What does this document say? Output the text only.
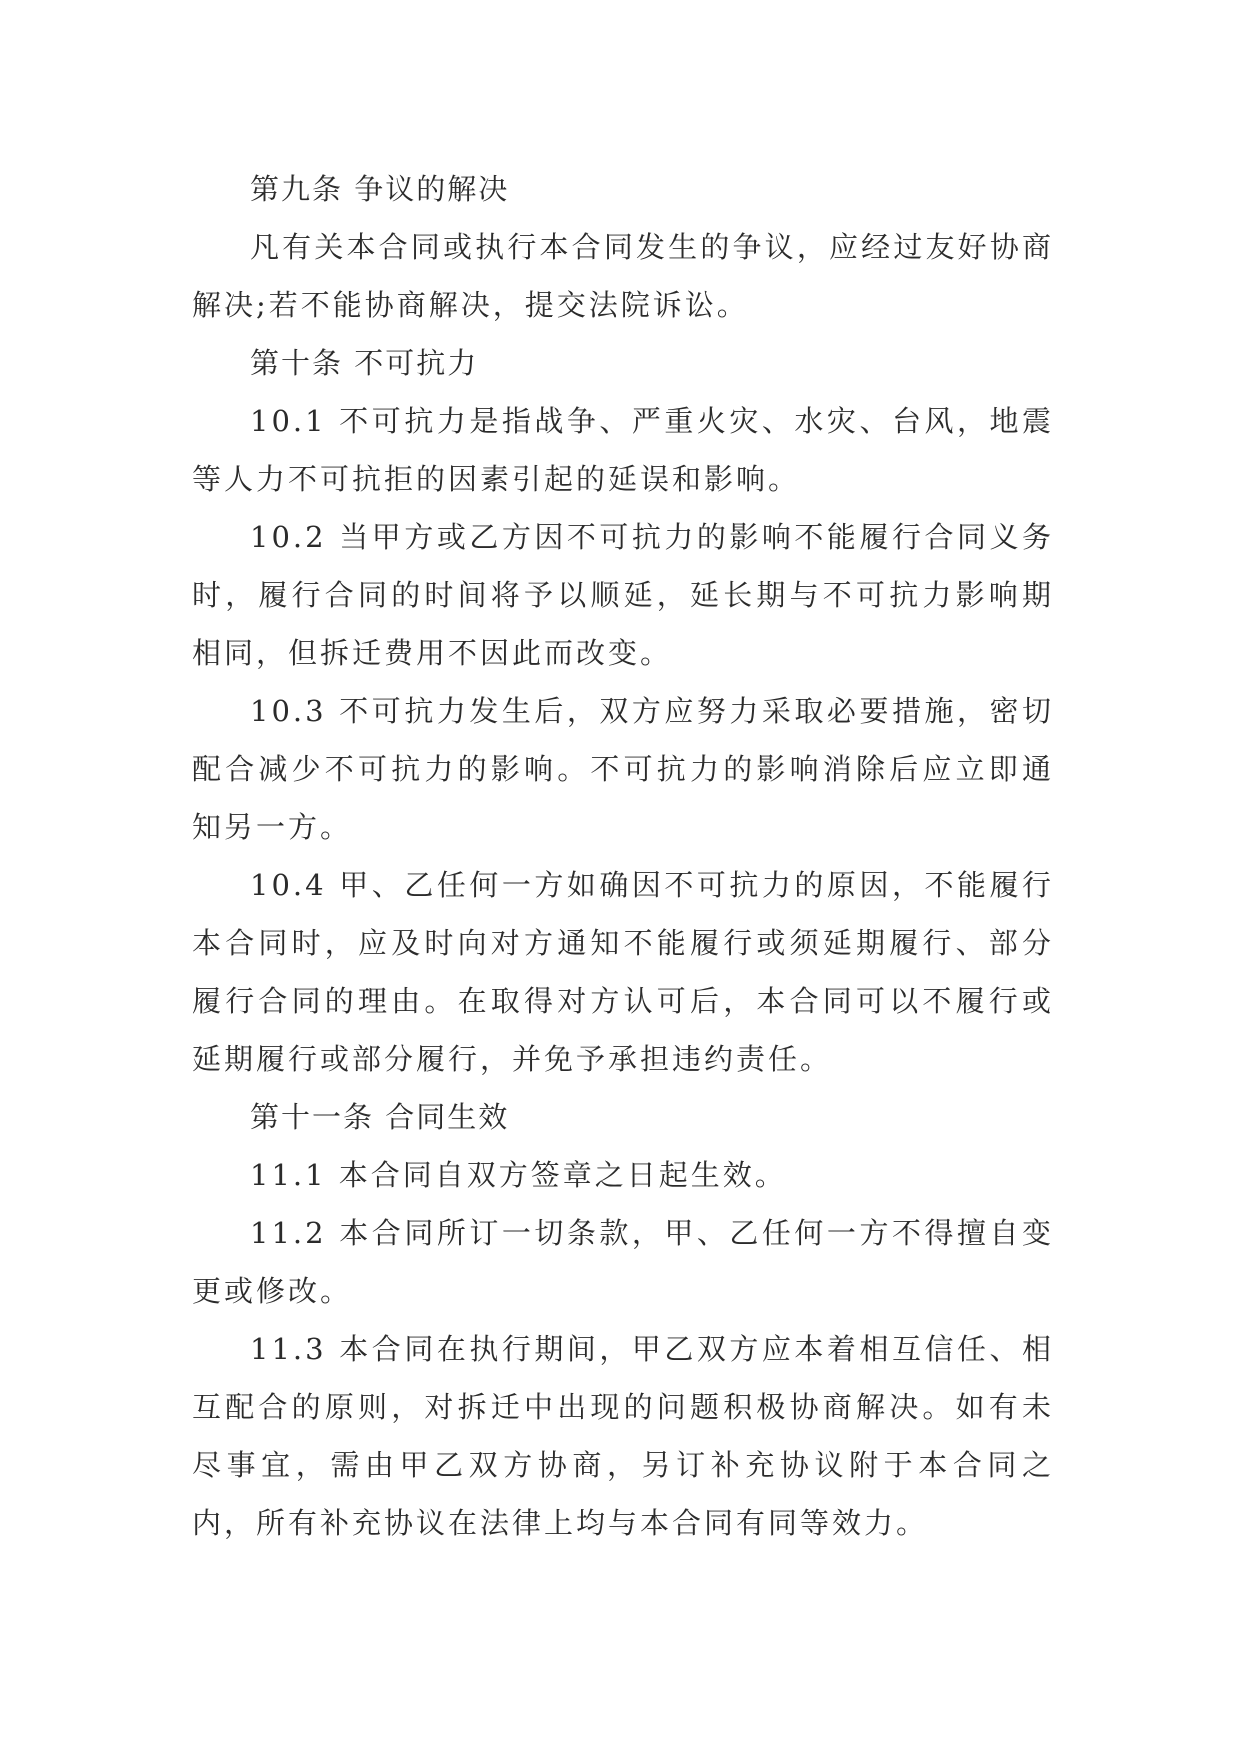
第九条 争议的解决

凡有关本合同或执行本合同发生的争议，应经过友好协商解决;若不能协商解决，提交法院诉讼。

第十条 不可抗力

10.1 不可抗力是指战争、严重火灾、水灾、台风，地震等人力不可抗拒的因素引起的延误和影响。

10.2 当甲方或乙方因不可抗力的影响不能履行合同义务时，履行合同的时间将予以顺延，延长期与不可抗力影响期相同，但拆迁费用不因此而改变。

10.3 不可抗力发生后，双方应努力采取必要措施，密切配合减少不可抗力的影响。不可抗力的影响消除后应立即通知另一方。

10.4 甲、乙任何一方如确因不可抗力的原因，不能履行本合同时，应及时向对方通知不能履行或须延期履行、部分履行合同的理由。在取得对方认可后，本合同可以不履行或延期履行或部分履行，并免予承担违约责任。

第十一条 合同生效

11.1 本合同自双方签章之日起生效。

11.2 本合同所订一切条款，甲、乙任何一方不得擅自变更或修改。

11.3 本合同在执行期间，甲乙双方应本着相互信任、相互配合的原则，对拆迁中出现的问题积极协商解决。如有未尽事宜，需由甲乙双方协商，另订补充协议附于本合同之内，所有补充协议在法律上均与本合同有同等效力。
